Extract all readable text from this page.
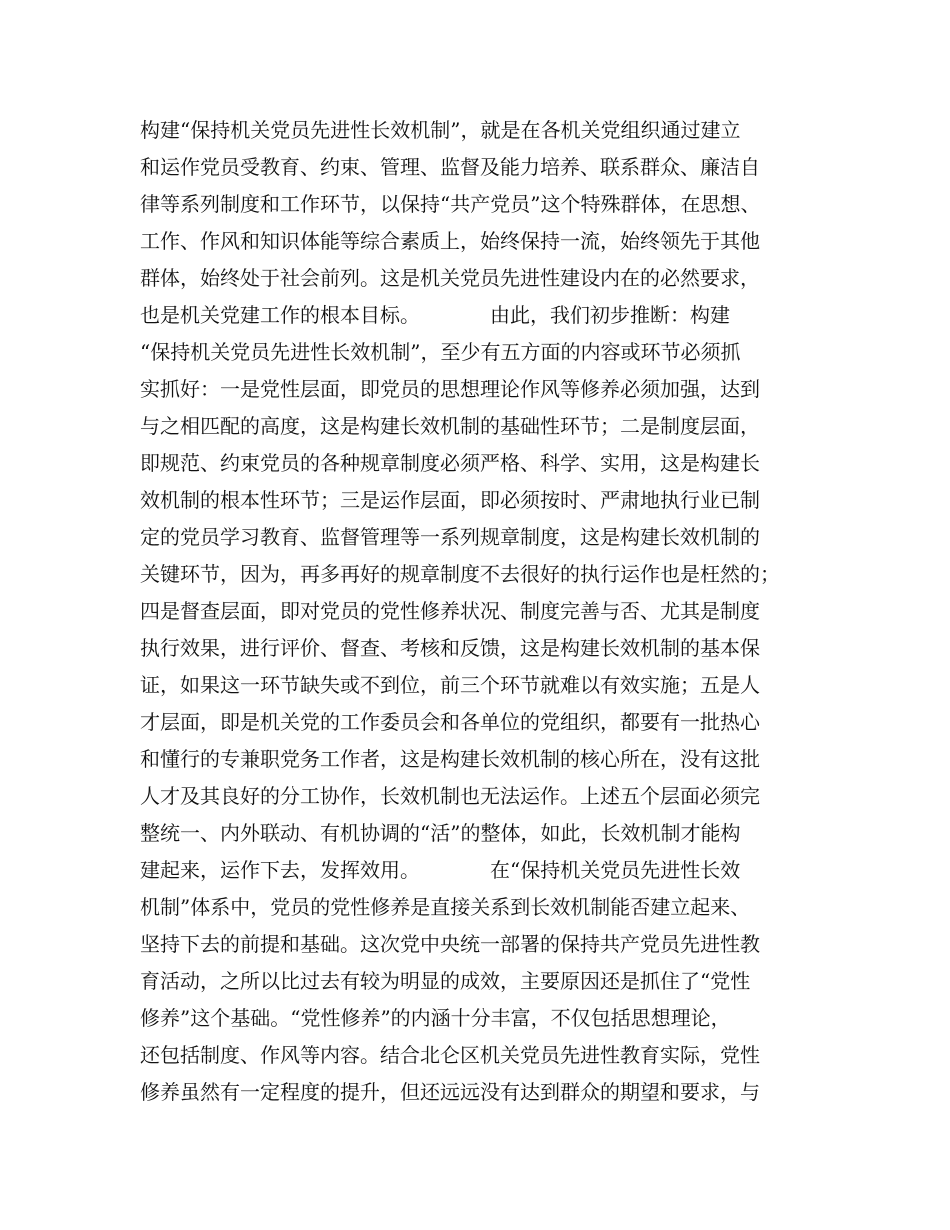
构建“保持机关党员先进性长效机制”，就是在各机关党组织通过建立
和运作党员受教育、约束、管理、监督及能力培养、联系群众、廉洁自
律等系列制度和工作环节，以保持“共产党员”这个特殊群体，在思想、
工作、作风和知识体能等综合素质上，始终保持一流，始终领先于其他
群体，始终处于社会前列。这是机关党员先进性建设内在的必然要求，
也是机关党建工作的根本目标。　　　　由此，我们初步推断：构建
“保持机关党员先进性长效机制”，至少有五方面的内容或环节必须抓
实抓好：一是党性层面，即党员的思想理论作风等修养必须加强，达到
与之相匹配的高度，这是构建长效机制的基础性环节；二是制度层面，
即规范、约束党员的各种规章制度必须严格、科学、实用，这是构建长
效机制的根本性环节；三是运作层面，即必须按时、严肃地执行业已制
定的党员学习教育、监督管理等一系列规章制度，这是构建长效机制的
关键环节，因为，再多再好的规章制度不去很好的执行运作也是枉然的；
四是督查层面，即对党员的党性修养状况、制度完善与否、尤其是制度
执行效果，进行评价、督查、考核和反馈，这是构建长效机制的基本保
证，如果这一环节缺失或不到位，前三个环节就难以有效实施；五是人
才层面，即是机关党的工作委员会和各单位的党组织，都要有一批热心
和懂行的专兼职党务工作者，这是构建长效机制的核心所在，没有这批
人才及其良好的分工协作，长效机制也无法运作。上述五个层面必须完
整统一、内外联动、有机协调的“活”的整体，如此，长效机制才能构
建起来，运作下去，发挥效用。　　　　在“保持机关党员先进性长效
机制”体系中，党员的党性修养是直接关系到长效机制能否建立起来、
坚持下去的前提和基础。这次党中央统一部署的保持共产党员先进性教
育活动，之所以比过去有较为明显的成效，主要原因还是抓住了“党性
修养”这个基础。“党性修养”的内涵十分丰富，不仅包括思想理论，
还包括制度、作风等内容。结合北仑区机关党员先进性教育实际，党性
修养虽然有一定程度的提升，但还远远没有达到群众的期望和要求，与
